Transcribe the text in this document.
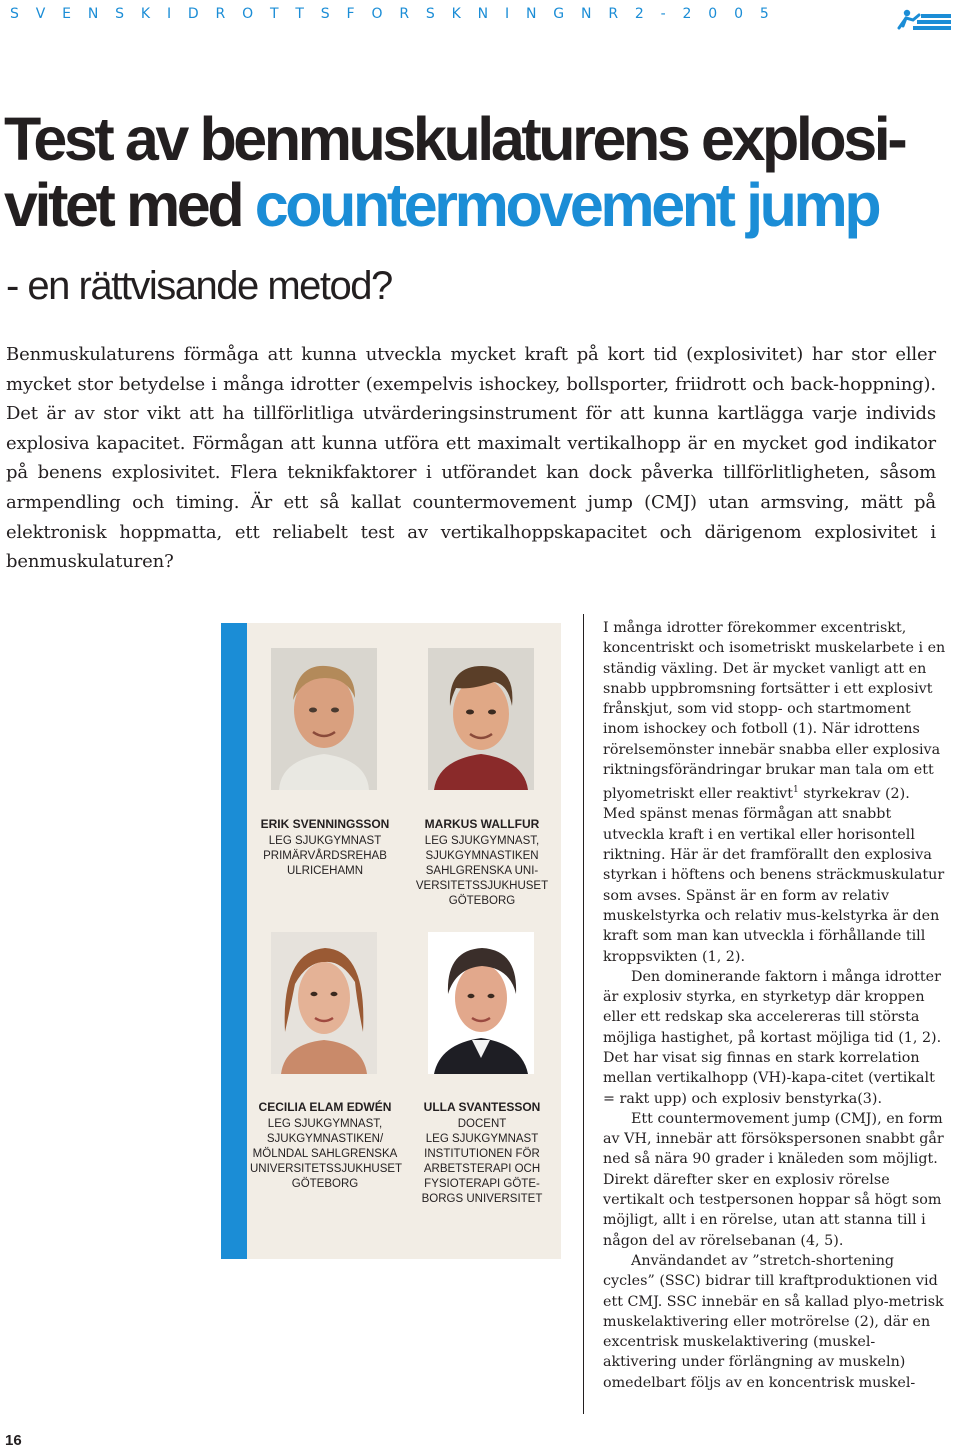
S V E N S K I D R O T T S F O R S K N I N G N R 2 - 2 0 0 5
Test av benmuskulaturens explosi-
vitet med countermovement jump
- en rättvisande metod?
Benmuskulaturens förmåga att kunna utveckla mycket kraft på kort tid (explosivitet) har stor eller mycket stor betydelse i många idrotter (exempelvis ishockey, bollsporter, friidrott och back-hoppning). Det är av stor vikt att ha tillförlitliga utvärderingsinstrument för att kunna kartlägga varje individs explosiva kapacitet. Förmågan att kunna utföra ett maximalt vertikalhopp är en mycket god indikator på benens explosivitet. Flera teknikfaktorer i utförandet kan dock påverka tillförlitligheten, såsom armpendling och timing. Är ett så kallat countermovement jump (CMJ) utan armsving, mätt på elektronisk hoppmatta, ett reliabelt test av vertikalhoppskapacitet och därigenom explosivitet i benmuskulaturen?
ERIK SVENNINGSSON
LEG SJUKGYMNAST
PRIMÄRVÅRDSREHAB
ULRICEHAMN
MARKUS WALLFUR
LEG SJUKGYMNAST,
SJUKGYMNASTIKEN
SAHLGRENSKA UNI-
VERSITETSSJUKHUSET
GÖTEBORG
CECILIA ELAM EDWÉN
LEG SJUKGYMNAST,
SJUKGYMNASTIKEN/
MÖLNDAL SAHLGRENSKA
UNIVERSITETSSJUKHUSET
GÖTEBORG
ULLA SVANTESSON
DOCENT
LEG SJUKGYMNAST
INSTITUTIONEN FÖR
ARBETSTERAPI OCH
FYSIOTERAPI GÖTE-
BORGS UNIVERSITET

I många idrotter förekommer excentriskt, koncentriskt och isometriskt muskelarbete i en ständig växling. Det är mycket vanligt att en snabb uppbromsning fortsätter i ett explosivt frånskjut, som vid stopp- och startmoment inom ishockey och fotboll (1). När idrottens rörelsemönster innebär snabba eller explosiva riktningsförändringar brukar man tala om ett plyometriskt eller reaktivt$^1$ styrkekrav (2). Med spänst menas förmågan att snabbt utveckla kraft i en vertikal eller horisontell riktning. Här är det framförallt den explosiva styrkan i höftens och benens sträckmuskulatur som avses. Spänst är en form av relativ muskelstyrka och relativ mus-kelstyrka är den kraft som man kan utveckla i förhållande till kroppsvikten (1, 2).

Den dominerande faktorn i många idrotter är explosiv styrka, en styrketyp där kroppen eller ett redskap ska accelereras till största möjliga hastighet, på kortast möjliga tid (1, 2). Det har visat sig finnas en stark korrelation mellan vertikalhopp (VH)-kapa-citet (vertikalt = rakt upp) och explosiv benstyrka(3).

Ett countermovement jump (CMJ), en form av VH, innebär att försökspersonen snabbt går ned så nära 90 grader i knäleden som möjligt. Direkt därefter sker en explosiv rörelse vertikalt och testpersonen hoppar så högt som möjligt, allt i en rörelse, utan att stanna till i någon del av rörelsebanan (4, 5).

Användandet av ”stretch-shortening cycles” (SSC) bidrar till kraftproduktionen vid ett CMJ. SSC innebär en så kallad plyo-metrisk muskelaktivering eller motrörelse (2), där en excentrisk muskelaktivering (muskel-aktivering under förlängning av muskeln) omedelbart följs av en koncentrisk muskel-

16
